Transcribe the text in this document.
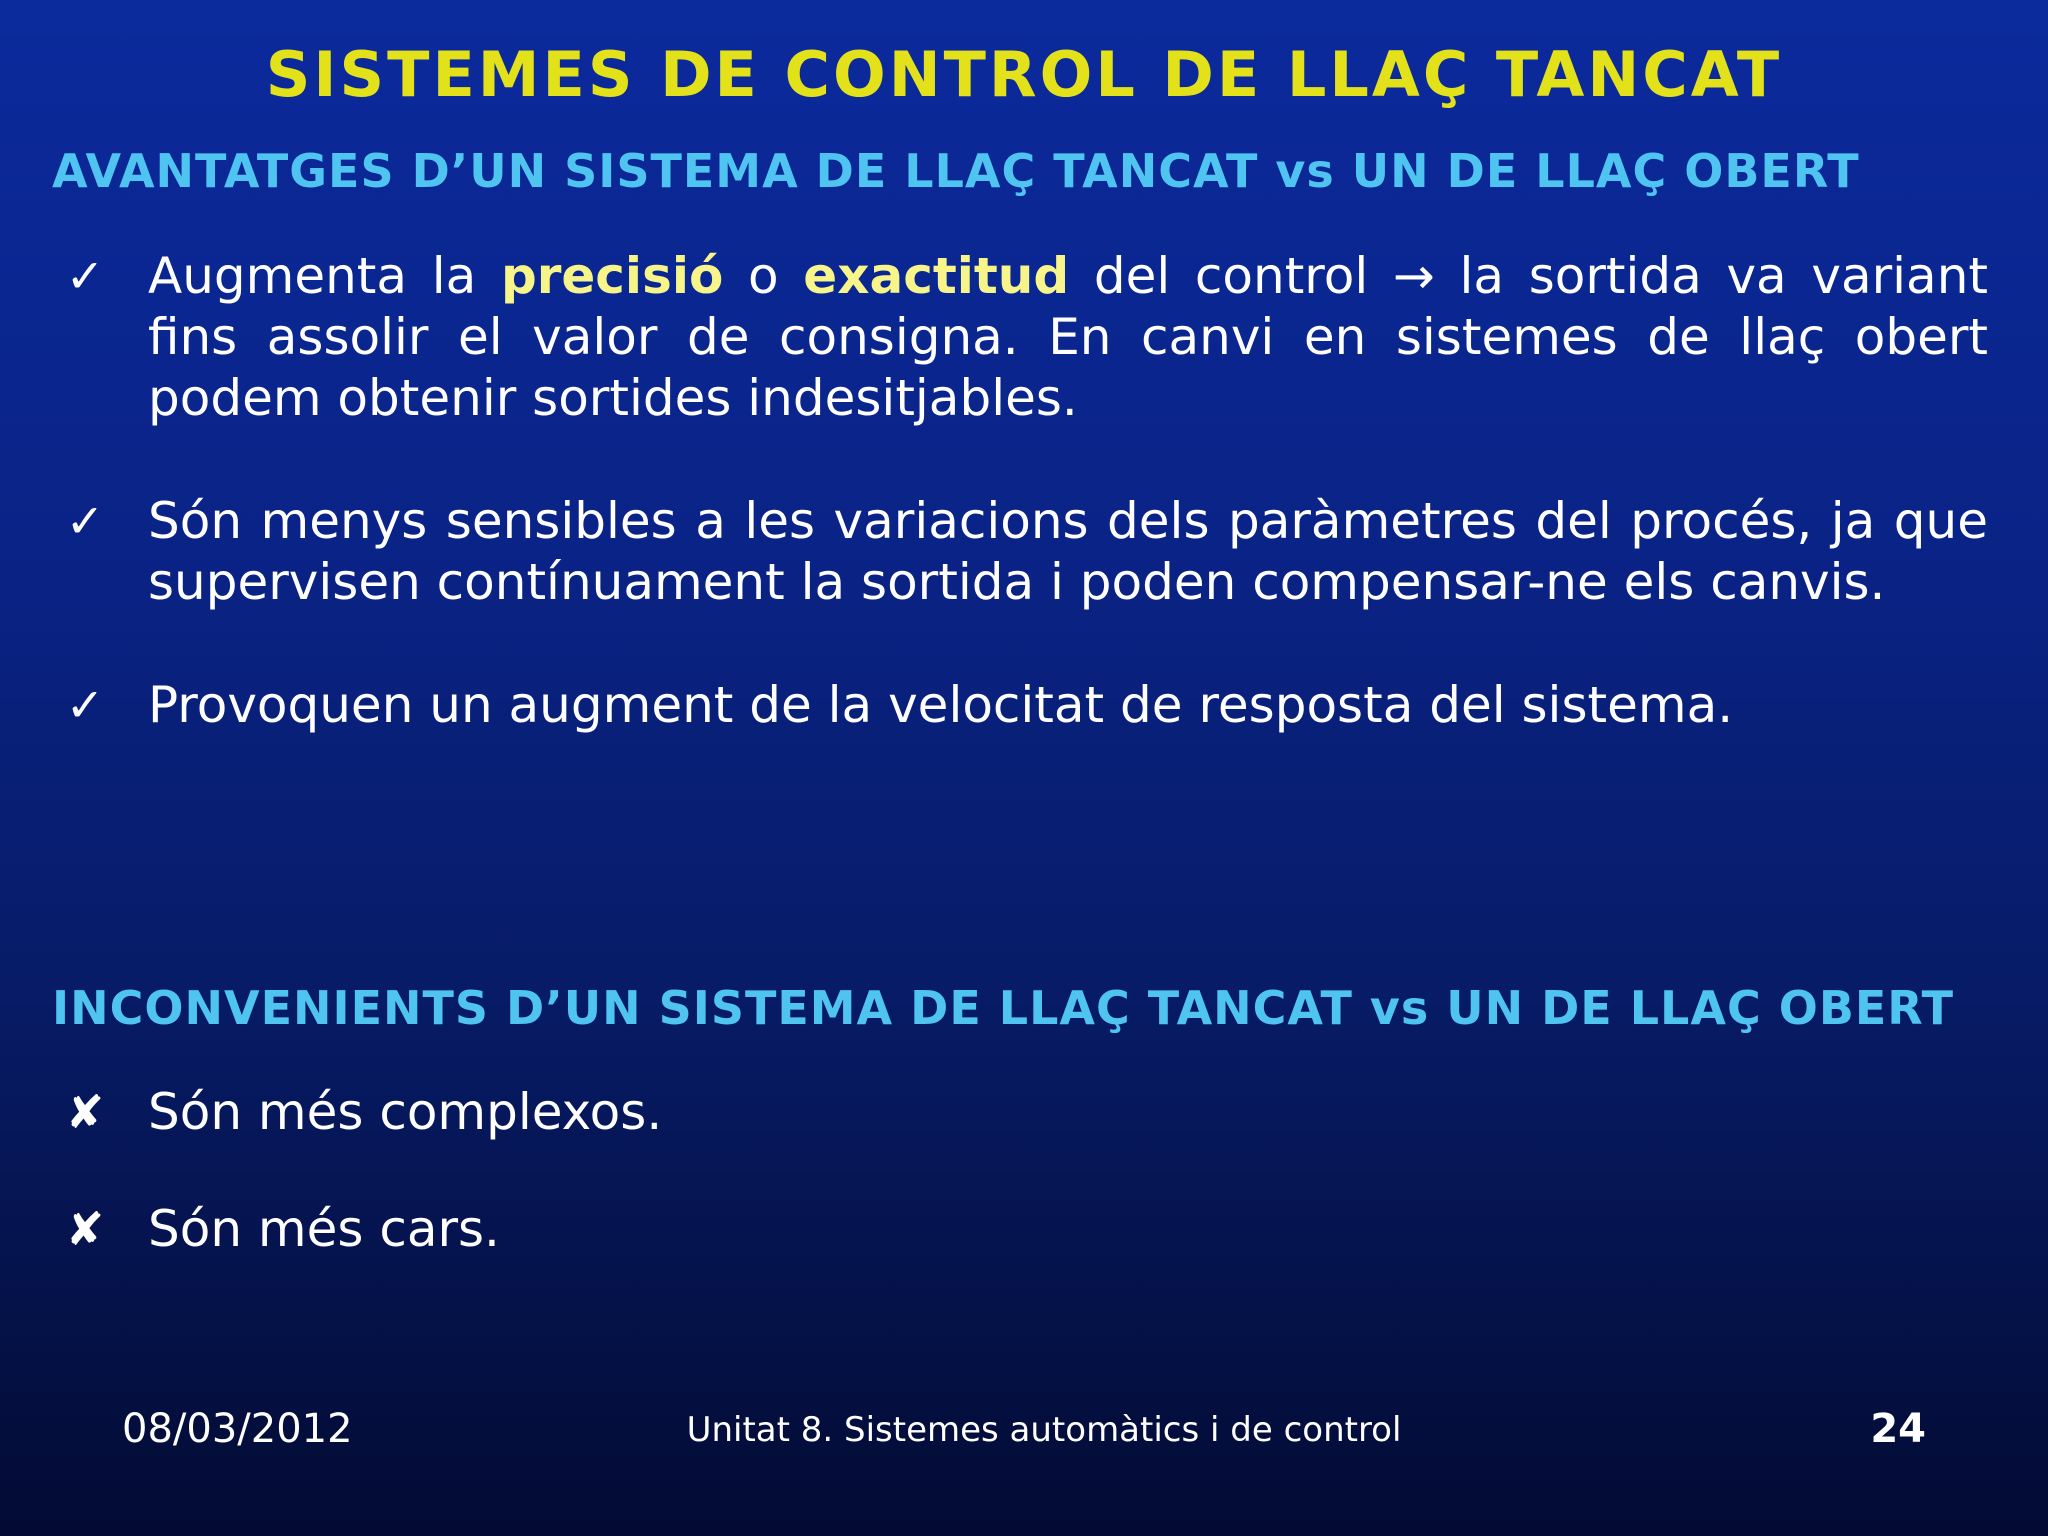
SISTEMES DE CONTROL DE LLAÇ TANCAT
AVANTATGES D’UN SISTEMA DE LLAÇ TANCAT vs UN DE LLAÇ OBERT
✓ Augmenta la precisió o exactitud del control → la sortida va variant fins assolir el valor de consigna. En canvi en sistemes de llaç obert podem obtenir sortides indesitjables.
✓ Són menys sensibles a les variacions dels paràmetres del procés, ja que supervisen contínuament la sortida i poden compensar-ne els canvis.
✓ Provoquen un augment de la velocitat de resposta del sistema.
INCONVENIENTS D’UN SISTEMA DE LLAÇ TANCAT vs UN DE LLAÇ OBERT
✘ Són més complexos.
✘ Són més cars.
08/03/2012	Unitat 8. Sistemes automàtics i de control	24
